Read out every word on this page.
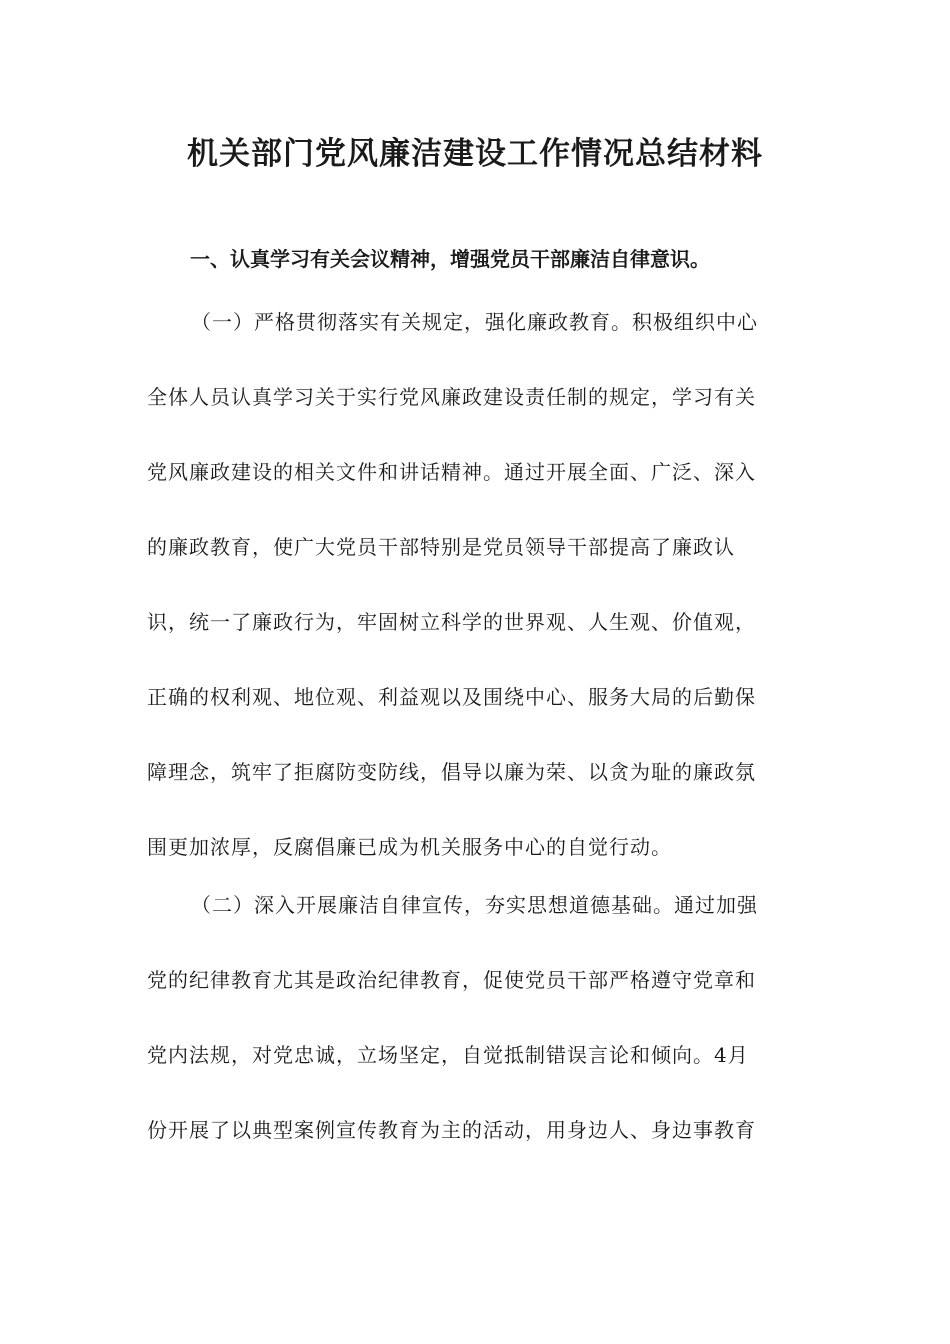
机关部门党风廉洁建设工作情况总结材料
一、认真学习有关会议精神，增强党员干部廉洁自律意识。

（一）严格贯彻落实有关规定，强化廉政教育。积极组织中心
全体人员认真学习关于实行党风廉政建设责任制的规定，学习有关
党风廉政建设的相关文件和讲话精神。通过开展全面、广泛、深入
的廉政教育，使广大党员干部特别是党员领导干部提高了廉政认
识，统一了廉政行为，牢固树立科学的世界观、人生观、价值观，
正确的权利观、地位观、利益观以及围绕中心、服务大局的后勤保
障理念，筑牢了拒腐防变防线，倡导以廉为荣、以贪为耻的廉政氛
围更加浓厚，反腐倡廉已成为机关服务中心的自觉行动。

（二）深入开展廉洁自律宣传，夯实思想道德基础。通过加强
党的纪律教育尤其是政治纪律教育，促使党员干部严格遵守党章和
党内法规，对党忠诚，立场坚定，自觉抵制错误言论和倾向。4月
份开展了以典型案例宣传教育为主的活动，用身边人、身边事教育
